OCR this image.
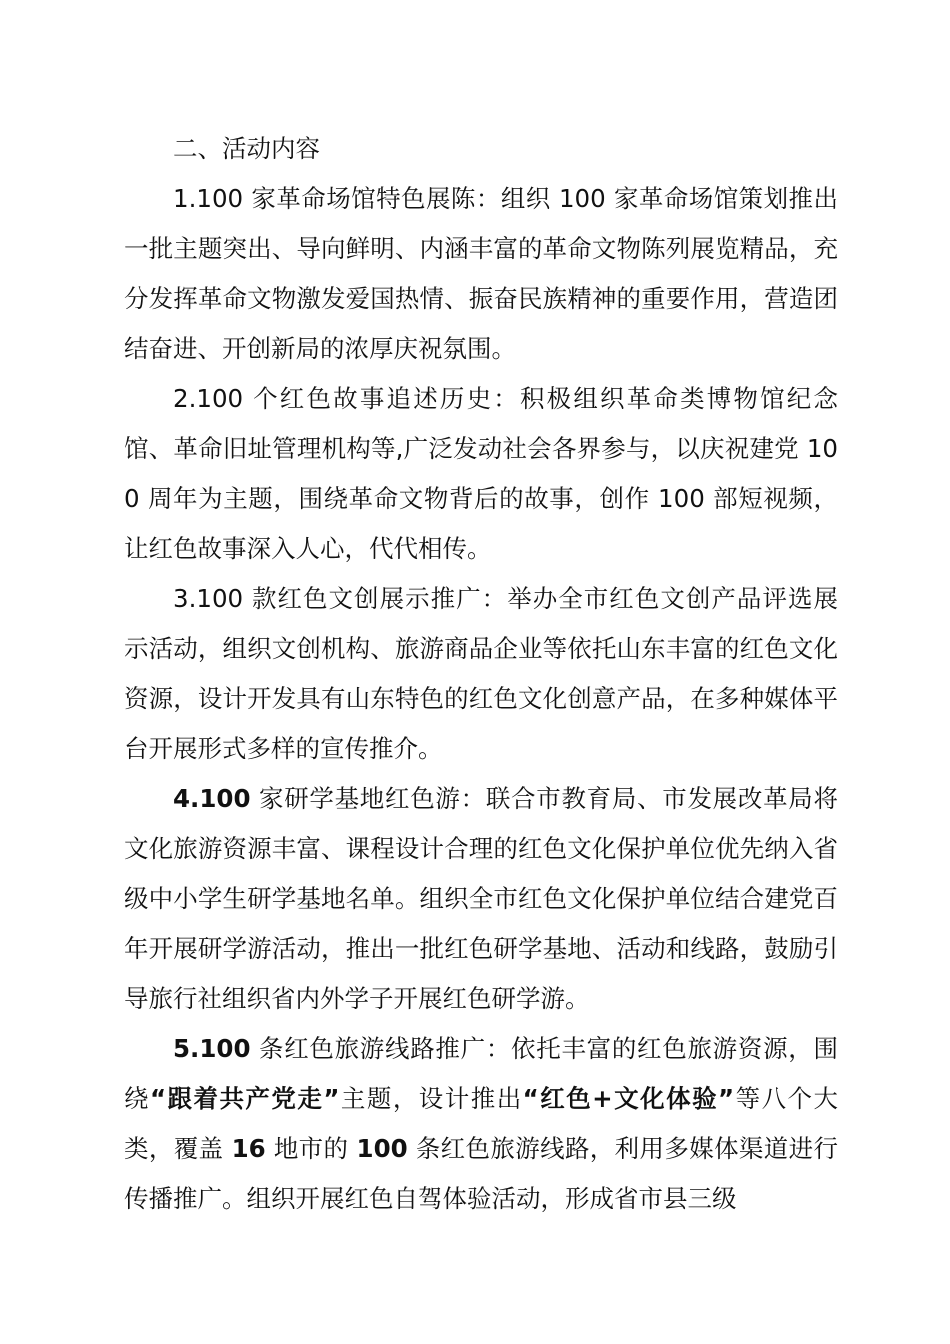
二、活动内容

1.100 家革命场馆特色展陈：组织 100 家革命场馆策划推出一批主题突出、导向鲜明、内涵丰富的革命文物陈列展览精品，充分发挥革命文物激发爱国热情、振奋民族精神的重要作用，营造团结奋进、开创新局的浓厚庆祝氛围。

2.100 个红色故事追述历史：积极组织革命类博物馆纪念馆、革命旧址管理机构等,广泛发动社会各界参与，以庆祝建党 100 周年为主题，围绕革命文物背后的故事，创作 100 部短视频，让红色故事深入人心，代代相传。

3.100 款红色文创展示推广：举办全市红色文创产品评选展示活动，组织文创机构、旅游商品企业等依托山东丰富的红色文化资源，设计开发具有山东特色的红色文化创意产品，在多种媒体平台开展形式多样的宣传推介。

4.100 家研学基地红色游：联合市教育局、市发展改革局将文化旅游资源丰富、课程设计合理的红色文化保护单位优先纳入省级中小学生研学基地名单。组织全市红色文化保护单位结合建党百年开展研学游活动，推出一批红色研学基地、活动和线路，鼓励引导旅行社组织省内外学子开展红色研学游。

5.100 条红色旅游线路推广：依托丰富的红色旅游资源，围绕“跟着共产党走”主题，设计推出“红色+文化体验”等八个大类，覆盖 16 地市的 100 条红色旅游线路，利用多媒体渠道进行传播推广。组织开展红色自驾体验活动，形成省市县三级
